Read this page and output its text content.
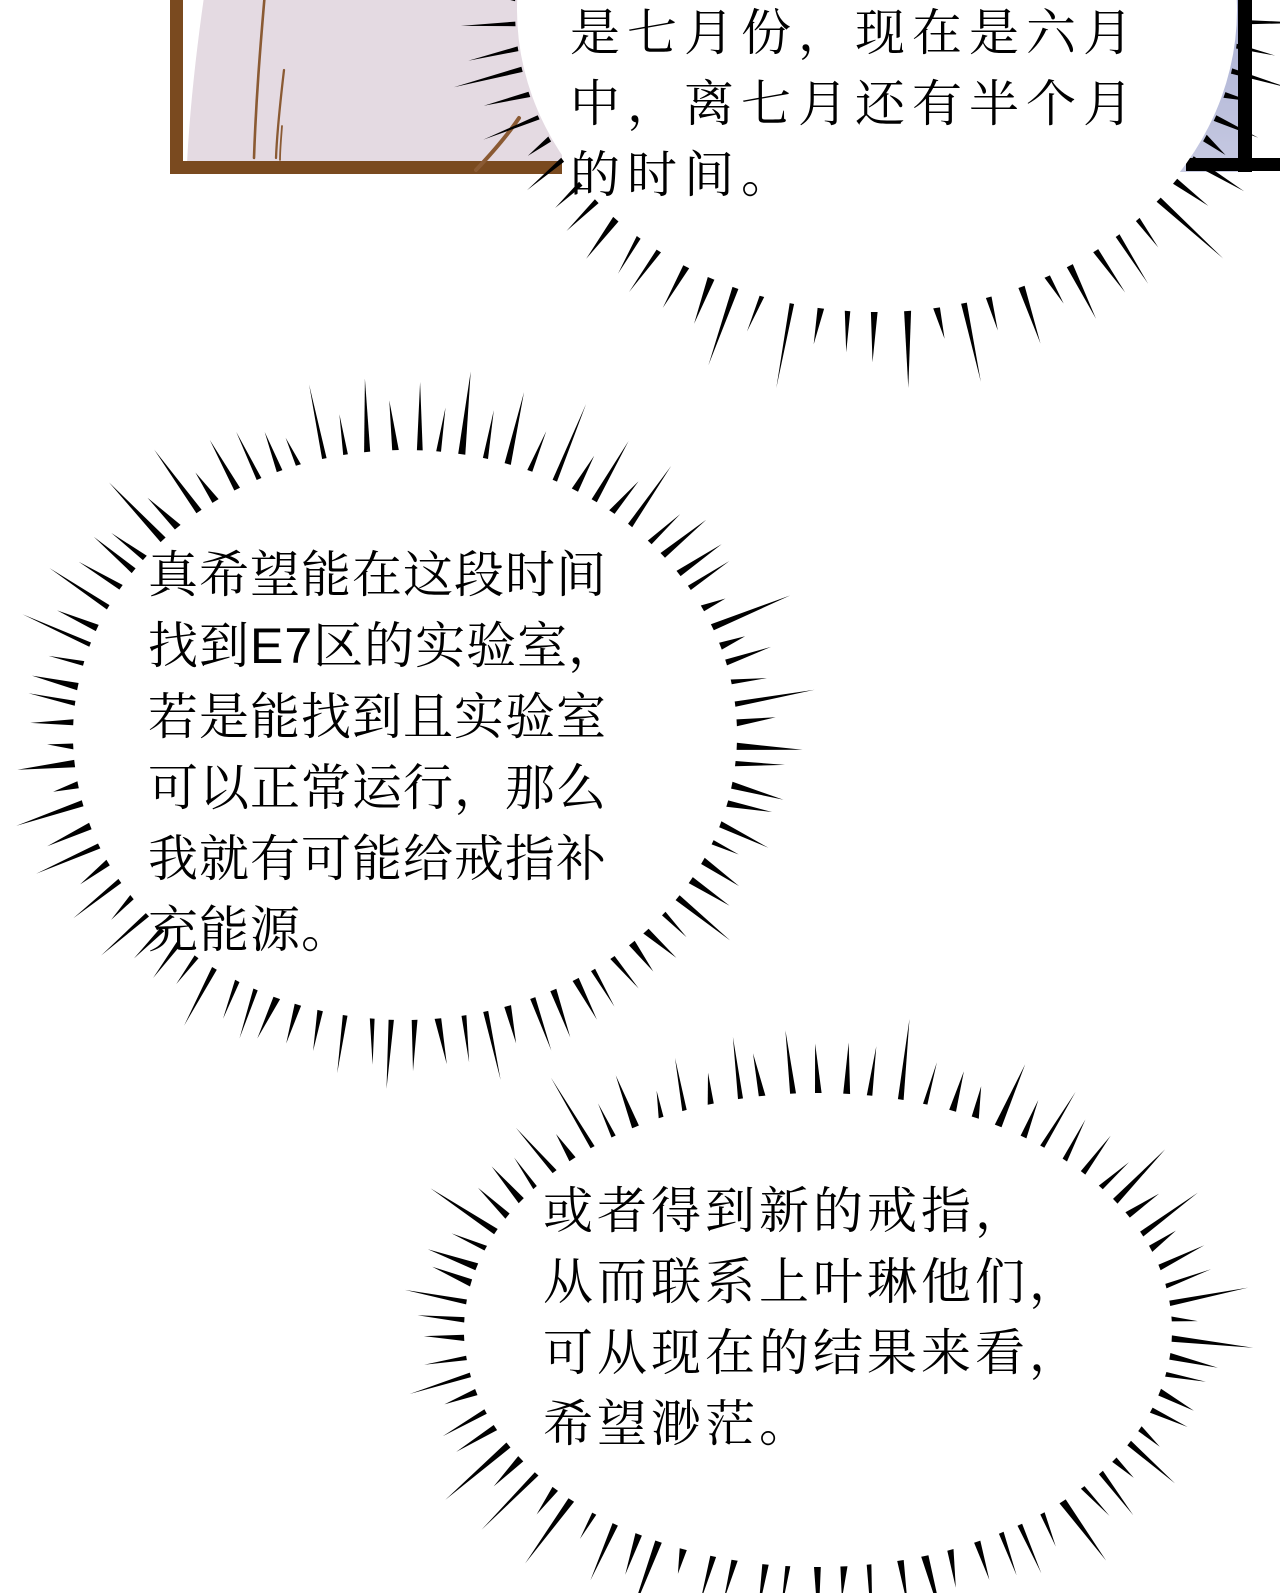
是七月份，现在是六月
中，离七月还有半个月
的时间。
真希望能在这段时间
找到E7区的实验室，
若是能找到且实验室
可以正常运行，那么
我就有可能给戒指补
充能源。
或者得到新的戒指，
从而联系上叶琳他们，
可从现在的结果来看，
希望渺茫。
